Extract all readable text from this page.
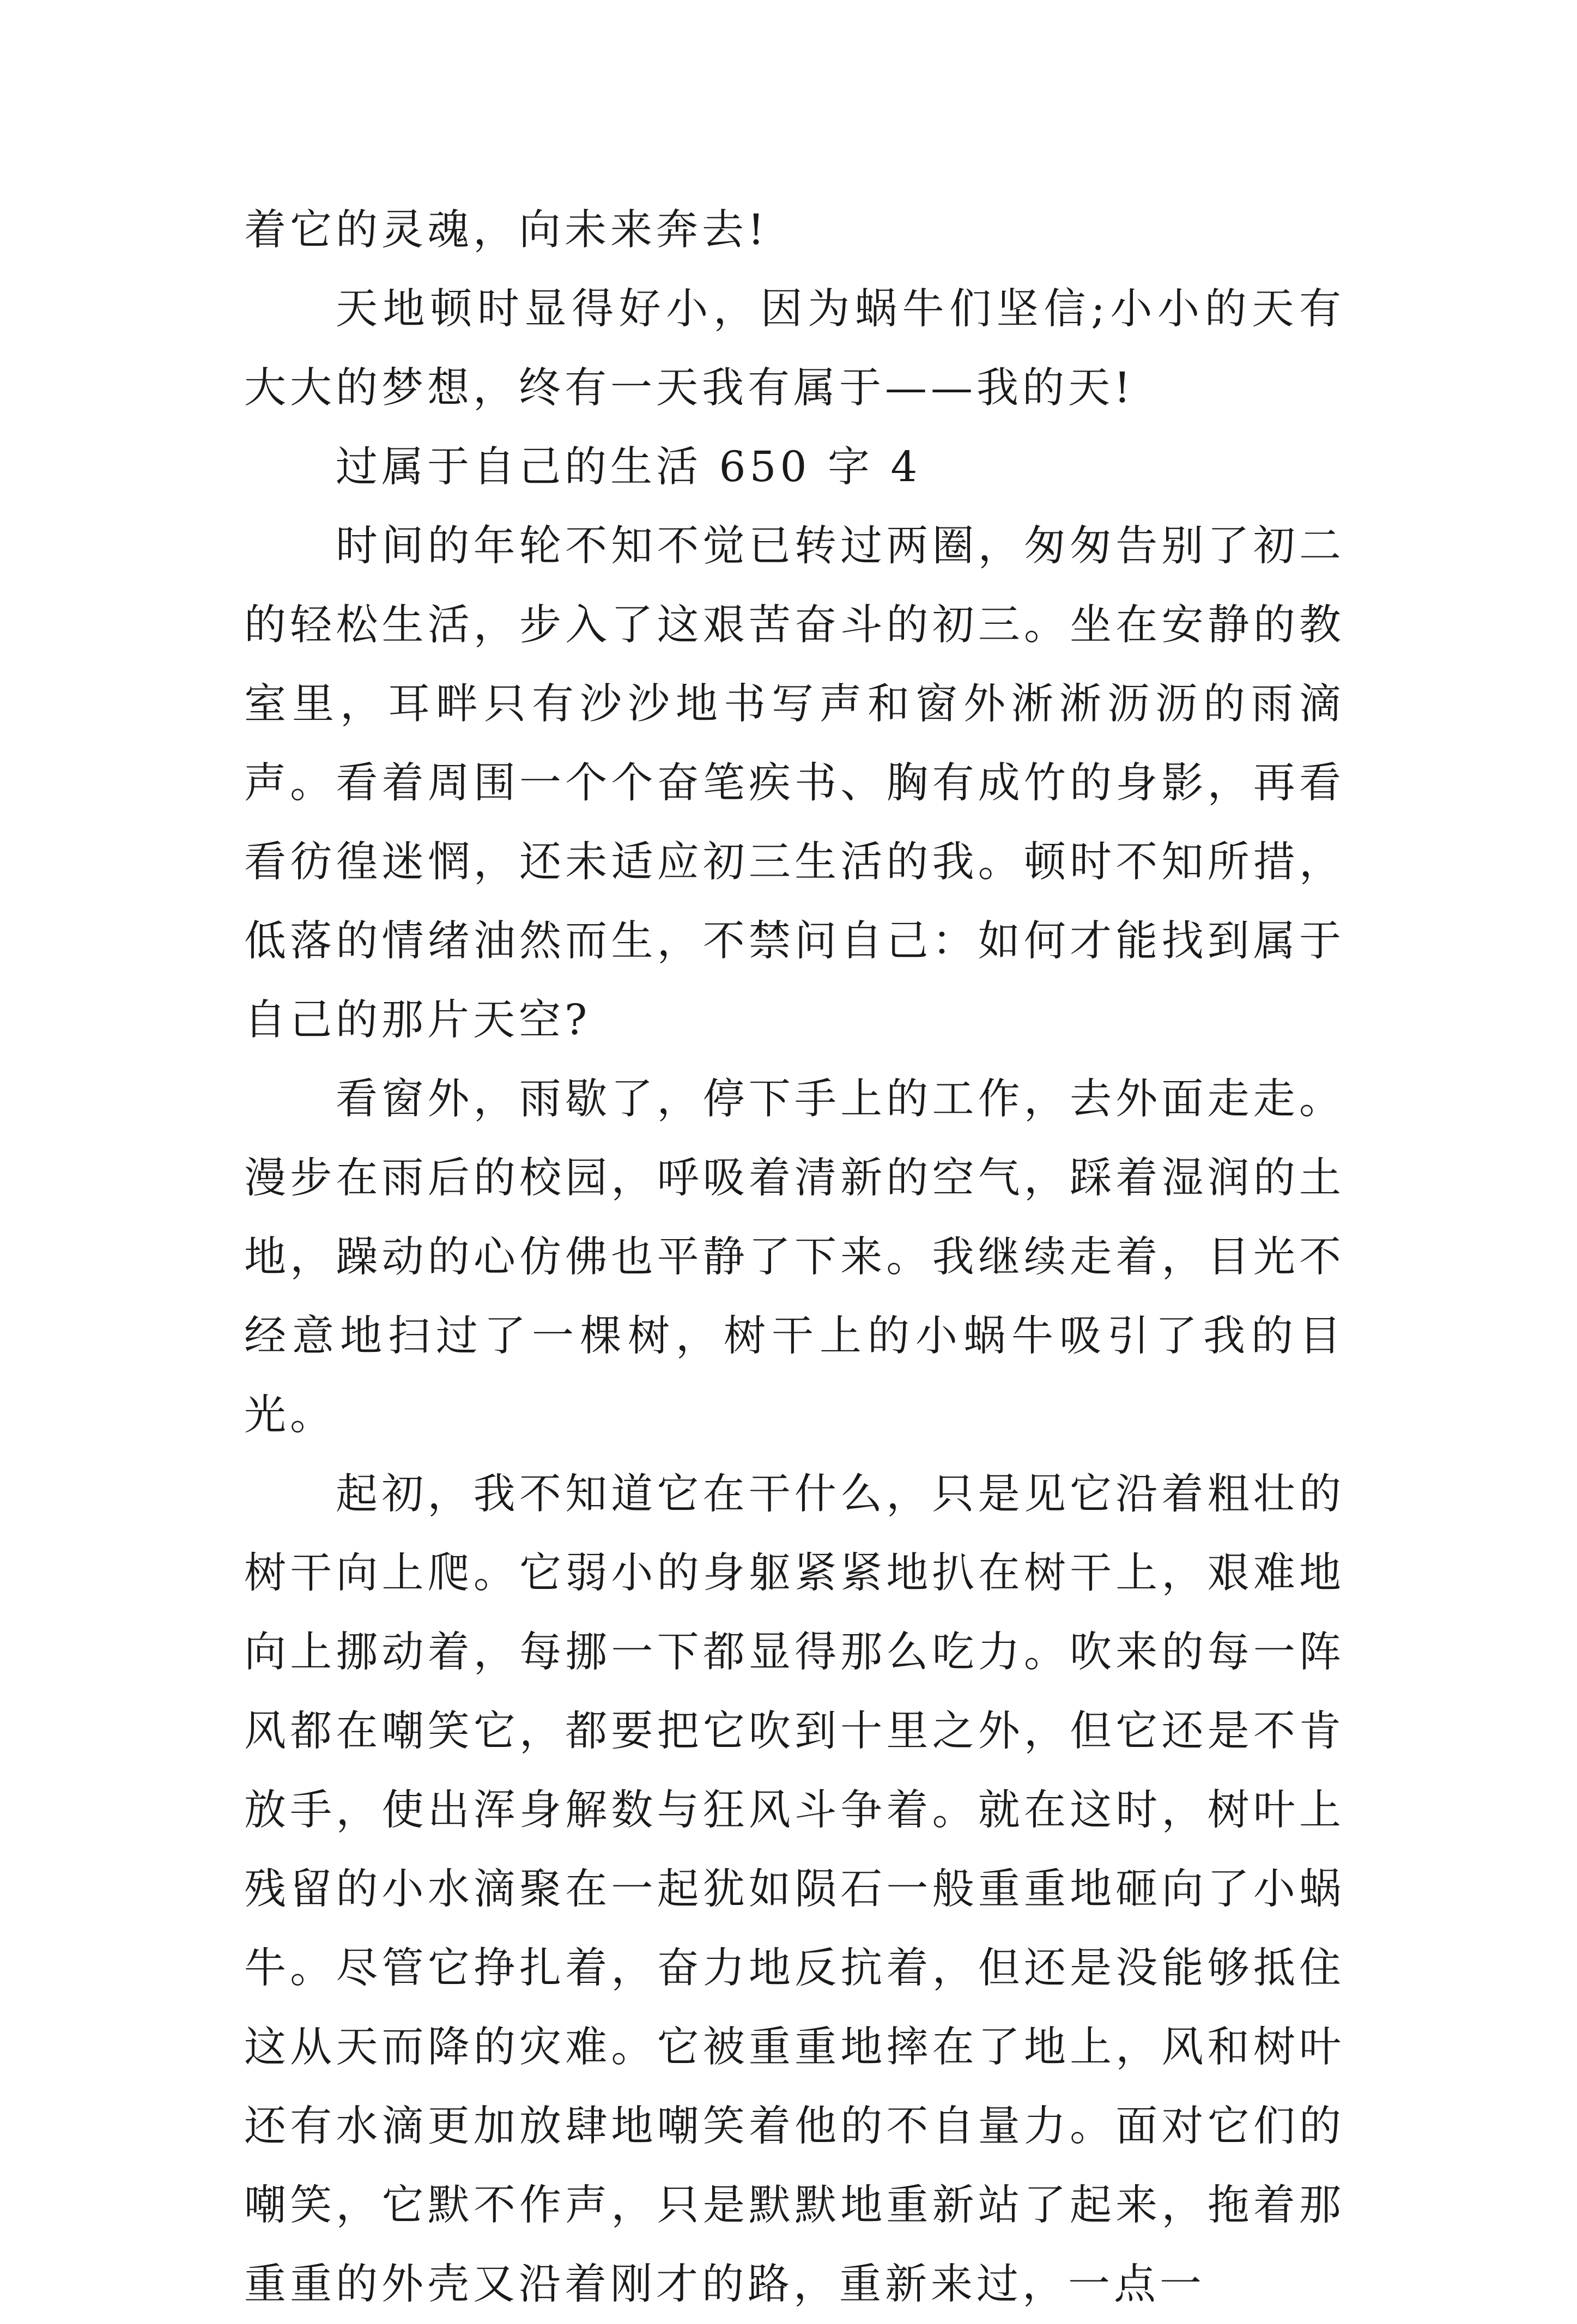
着它的灵魂，向未来奔去!

天地顿时显得好小，因为蜗牛们坚信;小小的天有大大的梦想，终有一天我有属于——我的天!

过属于自己的生活 650 字 4

时间的年轮不知不觉已转过两圈，匆匆告别了初二的轻松生活，步入了这艰苦奋斗的初三。坐在安静的教室里，耳畔只有沙沙地书写声和窗外淅淅沥沥的雨滴声。看着周围一个个奋笔疾书、胸有成竹的身影，再看看彷徨迷惘，还未适应初三生活的我。顿时不知所措，低落的情绪油然而生，不禁问自己：如何才能找到属于自己的那片天空?

看窗外，雨歇了，停下手上的工作，去外面走走。漫步在雨后的校园，呼吸着清新的空气，踩着湿润的土地，躁动的心仿佛也平静了下来。我继续走着，目光不经意地扫过了一棵树，树干上的小蜗牛吸引了我的目光。

起初，我不知道它在干什么，只是见它沿着粗壮的树干向上爬。它弱小的身躯紧紧地扒在树干上，艰难地向上挪动着，每挪一下都显得那么吃力。吹来的每一阵风都在嘲笑它，都要把它吹到十里之外，但它还是不肯放手，使出浑身解数与狂风斗争着。就在这时，树叶上残留的小水滴聚在一起犹如陨石一般重重地砸向了小蜗牛。尽管它挣扎着，奋力地反抗着，但还是没能够抵住这从天而降的灾难。它被重重地摔在了地上，风和树叶还有水滴更加放肆地嘲笑着他的不自量力。面对它们的嘲笑，它默不作声，只是默默地重新站了起来，拖着那重重的外壳又沿着刚才的路，重新来过，一点一
